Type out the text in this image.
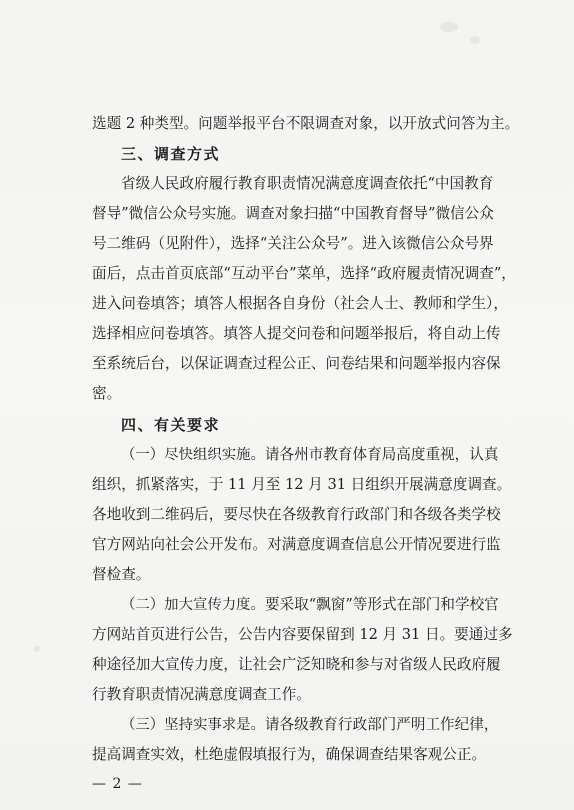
选题 2 种类型。问题举报平台不限调查对象，以开放式问答为主。
三、调查方式
省级人民政府履行教育职责情况满意度调查依托“中国教育
督导”微信公众号实施。调查对象扫描“中国教育督导”微信公众
号二维码（见附件），选择“关注公众号”。进入该微信公众号界
面后，点击首页底部“互动平台”菜单，选择“政府履责情况调查”，
进入问卷填答；填答人根据各自身份（社会人士、教师和学生），
选择相应问卷填答。填答人提交问卷和问题举报后，将自动上传
至系统后台，以保证调查过程公正、问卷结果和问题举报内容保
密。
四、有关要求
（一）尽快组织实施。请各州市教育体育局高度重视，认真
组织，抓紧落实，于 11 月至 12 月 31 日组织开展满意度调查。
各地收到二维码后，要尽快在各级教育行政部门和各级各类学校
官方网站向社会公开发布。对满意度调查信息公开情况要进行监
督检查。
（二）加大宣传力度。要采取“飘窗”等形式在部门和学校官
方网站首页进行公告，公告内容要保留到 12 月 31 日。要通过多
种途径加大宣传力度，让社会广泛知晓和参与对省级人民政府履
行教育职责情况满意度调查工作。
（三）坚持实事求是。请各级教育行政部门严明工作纪律，
提高调查实效，杜绝虚假填报行为，确保调查结果客观公正。
— 2 —
